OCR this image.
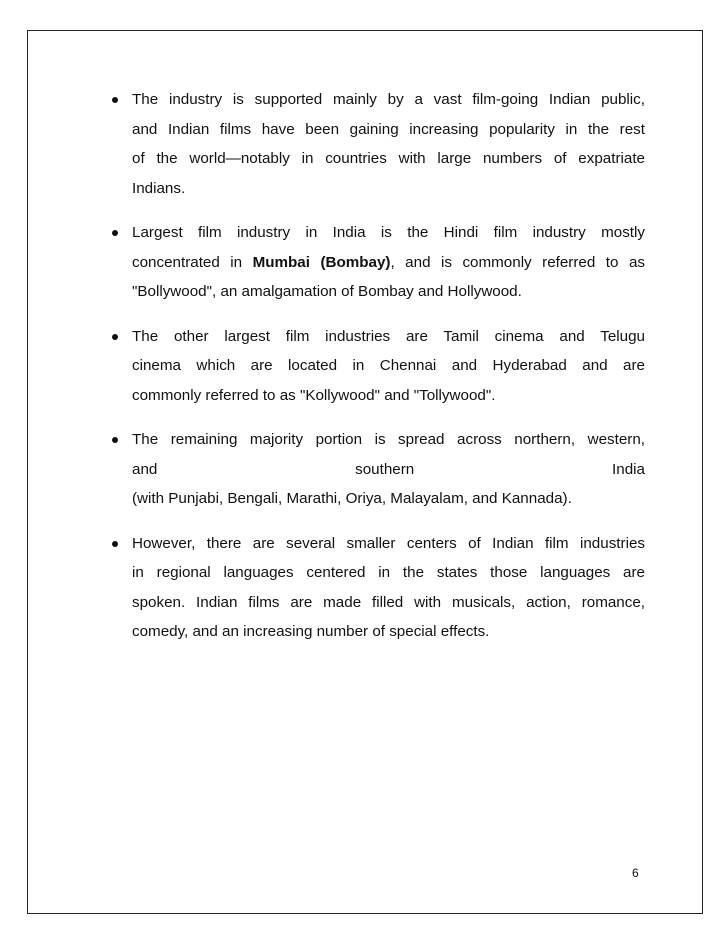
The industry is supported mainly by a vast film-going Indian public,
and Indian films have been gaining increasing popularity in the rest
of the world—notably in countries with large numbers of expatriate
Indians.
Largest film industry in India is the Hindi film industry mostly
concentrated in Mumbai (Bombay), and is commonly referred to as
"Bollywood", an amalgamation of Bombay and Hollywood.
The other largest film industries are Tamil cinema and Telugu
cinema which are located in Chennai and Hyderabad and are
commonly referred to as "Kollywood" and "Tollywood".
The remaining majority portion is spread across northern, western,
and southern India
(with Punjabi, Bengali, Marathi, Oriya, Malayalam, and Kannada).
However, there are several smaller centers of Indian film industries
in regional languages centered in the states those languages are
spoken. Indian films are made filled with musicals, action, romance,
comedy, and an increasing number of special effects.
6
